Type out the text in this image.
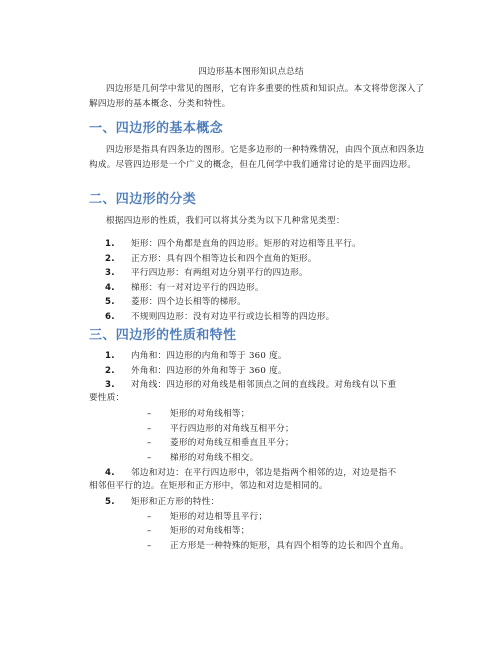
四边形基本图形知识点总结
四边形是几何学中常见的图形，它有许多重要的性质和知识点。本文将带您深入了解四边形的基本概念、分类和特性。
一、四边形的基本概念
四边形是指具有四条边的图形。它是多边形的一种特殊情况，由四个顶点和四条边构成。尽管四边形是一个广义的概念，但在几何学中我们通常讨论的是平面四边形。
二、四边形的分类
根据四边形的性质，我们可以将其分类为以下几种常见类型：
1. 矩形：四个角都是直角的四边形。矩形的对边相等且平行。
2. 正方形：具有四个相等边长和四个直角的矩形。
3. 平行四边形：有两组对边分别平行的四边形。
4. 梯形：有一对对边平行的四边形。
5. 菱形：四个边长相等的梯形。
6. 不规则四边形：没有对边平行或边长相等的四边形。
三、四边形的性质和特性
1. 内角和：四边形的内角和等于 360 度。
2. 外角和：四边形的外角和等于 360 度。
3. 对角线：四边形的对角线是相邻顶点之间的直线段。对角线有以下重
要性质：
– 矩形的对角线相等；
– 平行四边形的对角线互相平分；
– 菱形的对角线互相垂直且平分；
– 梯形的对角线不相交。
4. 邻边和对边：在平行四边形中，邻边是指两个相邻的边，对边是指不
相邻但平行的边。在矩形和正方形中，邻边和对边是相同的。
5. 矩形和正方形的特性：
– 矩形的对边相等且平行；
– 矩形的对角线相等；
– 正方形是一种特殊的矩形，具有四个相等的边长和四个直角。
